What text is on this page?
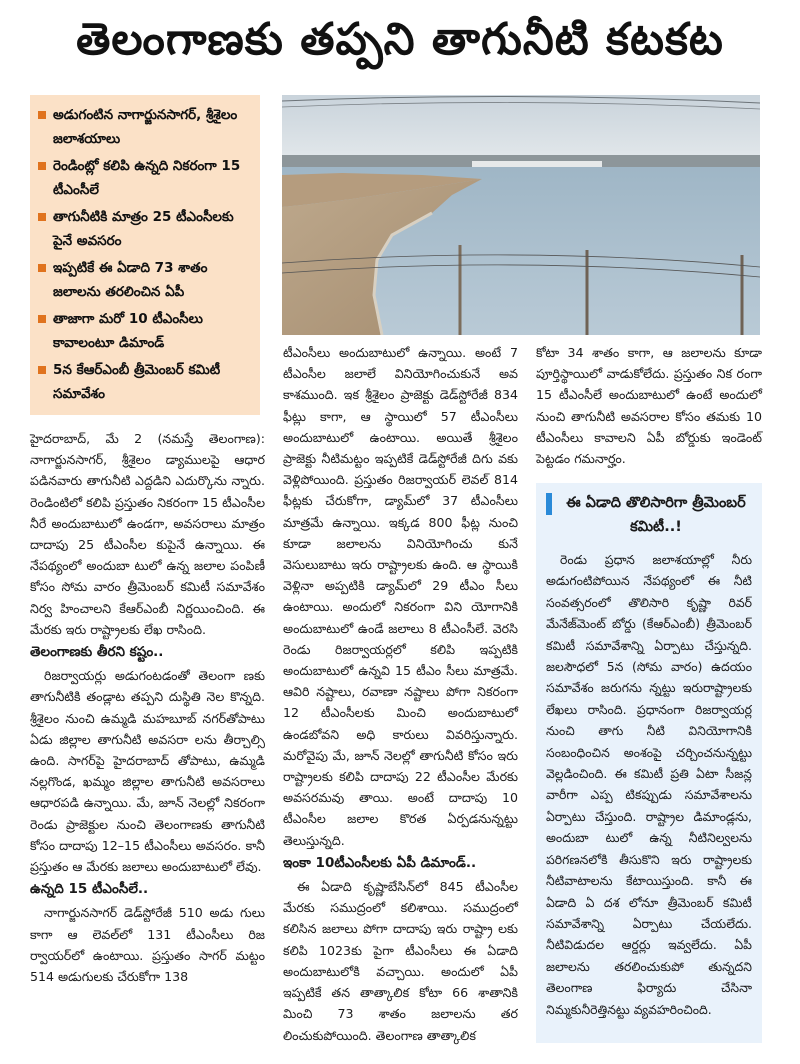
తెలంగాణకు తప్పని తాగునీటి కటకట
అడుగంటిన నాగార్జునసాగర్, శ్రీశైలం జలాశయాలు
రెండింట్లో కలిపి ఉన్నది నికరంగా 15 టీఎంసీలే
తాగునీటికి మాత్రం 25 టీఎంసీలకు పైనే అవసరం
ఇప్పటికే ఈ ఏడాది 73 శాతం జలాలను తరలించిన ఏపీ
తాజాగా మరో 10 టీఎంసీలు కావాలంటూ డిమాండ్
5న కేఆర్ఎంబీ త్రీమెంబర్ కమిటీ సమావేశం

హైదరాబాద్, మే 2 (నమస్తే తెలంగాణ): నాగార్జునసాగర్, శ్రీశైలం డ్యాములపై ఆధార పడినవారు తాగునీటి ఎద్దడిని ఎదుర్కొను న్నారు. రెండింటిలో కలిపి ప్రస్తుతం నికరంగా 15 టీఎంసీల నీరే అందుబాటులో ఉండగా, అవసరాలు మాత్రం దాదాపు 25 టీఎంసీల కుపైనే ఉన్నాయి. ఈ నేపథ్యంలో అందుబా టులో ఉన్న జలాల పంపిణీ కోసం సోమ వారం త్రీమెంబర్ కమిటీ సమావేశం నిర్వ హించాలని కేఆర్ఎంబీ నిర్ణయించింది. ఈ మేరకు ఇరు రాష్ట్రాలకు లేఖ రాసింది.

తెలంగాణకు తీరని కష్టం..

రిజర్వాయర్లు అడుగంటడంతో తెలంగా ణకు తాగునీటికి తండ్లాట తప్పని దుస్థితి నెల కొన్నది. శ్రీశైలం నుంచి ఉమ్మడి మహబూబ్ నగర్‌తోపాటు ఏడు జిల్లాల తాగునీటి అవసరా లను తీర్చాల్సి ఉంది. సాగర్‌పై హైదరాబాద్ తోపాటు, ఉమ్మడి నల్లగొండ, ఖమ్మం జిల్లాల తాగునీటి అవసరాలు ఆధారపడి ఉన్నాయి. మే, జూన్ నెలల్లో నికరంగా రెండు ప్రాజెక్టుల నుంచి తెలంగాణకు తాగునీటి కోసం దాదాపు 12–15 టీఎంసీలు అవసరం. కానీ ప్రస్తుతం ఆ మేరకు జలాలు అందుబాటులో లేవు.

ఉన్నది 15 టీఎంసీలే..

నాగార్జునసాగర్ డెడ్‌స్టోరేజీ 510 అడు గులు కాగా ఆ లెవల్‌లో 131 టీఎంసీలు రిజ ర్వాయర్‌లో ఉంటాయి. ప్రస్తుతం సాగర్ మట్టం 514 అడుగులకు చేరుకోగా 138

టీఎంసీలు అందుబాటులో ఉన్నాయి. అంటే 7 టీఎంసీల జలాలే వినియోగించుకునే అవ కాశముంది. ఇక శ్రీశైలం ప్రాజెక్టు డెడ్‌స్టోరేజీ 834 ఫీట్లు కాగా, ఆ స్థాయిలో 57 టీఎంసీలు అందుబాటులో ఉంటాయి. అయితే శ్రీశైలం ప్రాజెక్టు నీటిమట్టం ఇప్పటికే డెడ్‌స్టోరేజీ దిగు వకు వెళ్లిపోయింది. ప్రస్తుతం రిజర్వాయర్ లెవల్ 814 ఫీట్లకు చేరుకోగా, డ్యామ్‌లో 37 టీఎంసీలు మాత్రమే ఉన్నాయి. ఇక్కడ 800 ఫీట్ల నుంచి కూడా జలాలను వినియోగించు కునే వెసులుబాటు ఇరు రాష్ట్రాలకు ఉంది. ఆ స్థాయికి వెళ్లినా అప్పటికి డ్యామ్‌లో 29 టీఎం సీలు ఉంటాయి. అందులో నికరంగా విని యోగానికి అందుబాటులో ఉండే జలాలు 8 టీఎంసీలే. వెరసి రెండు రిజర్వాయర్లలో కలిపి ఇప్పటికి అందుబాటులో ఉన్నవి 15 టీఎం సీలు మాత్రమే. ఆవిరి నష్టాలు, రవాణా నష్టాలు పోగా నికరంగా 12 టీఎంసీలకు మించి అందుబాటులో ఉండబోవని అధి కారులు వివరిస్తున్నారు. మరోవైపు మే, జూన్ నెలల్లో తాగునీటి కోసం ఇరు రాష్ట్రాలకు కలిపి దాదాపు 22 టీఎంసీల మేరకు అవసరమవు తాయి. అంటే దాదాపు 10 టీఎంసీల జలాల కొరత ఏర్పడనున్నట్టు తెలుస్తున్నది.

ఇంకా 10టీఎంసీలకు ఏపీ డిమాండ్..

ఈ ఏడాది కృష్ణాబేసిన్‌లో 845 టీఎంసీల మేరకు సముద్రంలో కలిశాయి. సముద్రంలో కలిసిన జలాలు పోగా దాదాపు ఇరు రాష్ట్రా లకు కలిపి 1023కు పైగా టీఎంసీలు ఈ ఏడాది అందుబాటులోకి వచ్చాయి. అందులో ఏపీ ఇప్పటికే తన తాత్కాలిక కోటా 66 శాతానికి మించి 73 శాతం జలాలను తర లించుకుపోయింది. తెలంగాణ తాత్కాలిక

కోటా 34 శాతం కాగా, ఆ జలాలను కూడా పూర్తిస్థాయిలో వాడుకోలేదు. ప్రస్తుతం నిక రంగా 15 టీఎంసీలే అందుబాటులో ఉంటే అందులో నుంచి తాగునీటి అవసరాల కోసం తమకు 10 టీఎంసీలు కావాలని ఏపీ బోర్డుకు ఇండెంట్ పెట్టడం గమనార్హం.

ఈ ఏడాది తొలిసారిగా త్రీమెంబర్ కమిటీ..!
రెండు ప్రధాన జలాశయాల్లో నీరు అడుగంటిపోయిన నేపథ్యంలో ఈ నీటి సంవత్సరంలో తొలిసారి కృష్ణా రివర్ మేనేజ్‌మెంట్ బోర్డు (కేఆర్ఎంబీ) త్రీమెంబర్ కమిటీ సమావేశాన్ని ఏర్పాటు చేస్తున్నది. జలసౌధలో 5న (సోమ వారం) ఉదయం సమావేశం జరుగను న్నట్టు ఇరురాష్ట్రాలకు లేఖలు రాసింది. ప్రధానంగా రిజర్వాయర్ల నుంచి తాగు నీటి వినియోగానికి సంబంధించిన అంశంపై చర్చించనున్నట్టు వెల్లడించింది. ఈ కమిటీ ప్రతి ఏటా సీజన్ల వారీగా ఎప్ప టికప్పుడు సమావేశాలను ఏర్పాటు చేస్తుంది. రాష్ట్రాల డిమాండ్లను, అందుబా టులో ఉన్న నీటినిల్వలను పరిగణనలోకి తీసుకొని ఇరు రాష్ట్రాలకు నీటివాటాలను కేటాయిస్తుంది. కానీ ఈ ఏడాది ఏ దశ లోనూ త్రీమెంబర్ కమిటీ సమావేశాన్ని ఏర్పాటు చేయలేదు. నీటివిడుదల ఆర్డర్లు ఇవ్వలేదు. ఏపీ జలాలను తరలించుకుపో తున్నదని తెలంగాణ ఫిర్యాదు చేసినా నిమ్మకునీరెత్తినట్టు వ్యవహరించింది.
